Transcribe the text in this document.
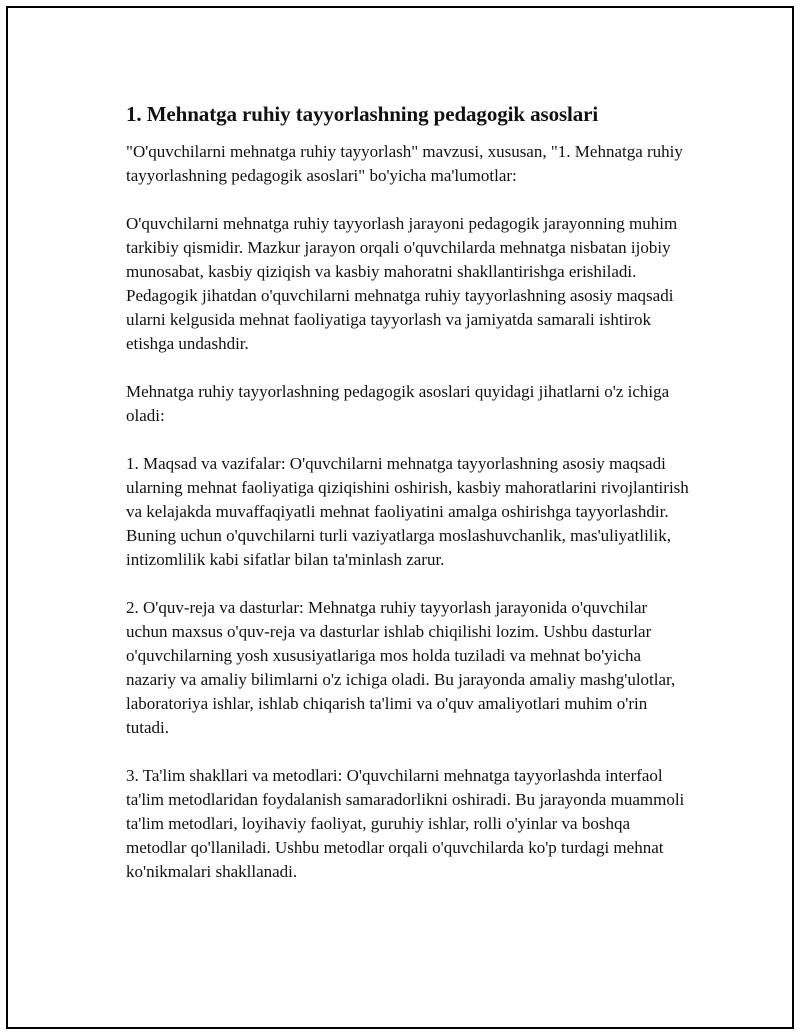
1. Mehnatga ruhiy tayyorlashning pedagogik asoslari

"O'quvchilarni mehnatga ruhiy tayyorlash" mavzusi, xususan, "1. Mehnatga ruhiy tayyorlashning pedagogik asoslari" bo'yicha ma'lumotlar:

O'quvchilarni mehnatga ruhiy tayyorlash jarayoni pedagogik jarayonning muhim tarkibiy qismidir. Mazkur jarayon orqali o'quvchilarda mehnatga nisbatan ijobiy munosabat, kasbiy qiziqish va kasbiy mahoratni shakllantirishga erishiladi. Pedagogik jihatdan o'quvchilarni mehnatga ruhiy tayyorlashning asosiy maqsadi ularni kelgusida mehnat faoliyatiga tayyorlash va jamiyatda samarali ishtirok etishga undashdir.

Mehnatga ruhiy tayyorlashning pedagogik asoslari quyidagi jihatlarni o'z ichiga oladi:

1. Maqsad va vazifalar: O'quvchilarni mehnatga tayyorlashning asosiy maqsadi ularning mehnat faoliyatiga qiziqishini oshirish, kasbiy mahoratlarini rivojlantirish va kelajakda muvaffaqiyatli mehnat faoliyatini amalga oshirishga tayyorlashdir. Buning uchun o'quvchilarni turli vaziyatlarga moslashuvchanlik, mas'uliyatlilik, intizomlilik kabi sifatlar bilan ta'minlash zarur.

2. O'quv-reja va dasturlar: Mehnatga ruhiy tayyorlash jarayonida o'quvchilar uchun maxsus o'quv-reja va dasturlar ishlab chiqilishi lozim. Ushbu dasturlar o'quvchilarning yosh xususiyatlariga mos holda tuziladi va mehnat bo'yicha nazariy va amaliy bilimlarni o'z ichiga oladi. Bu jarayonda amaliy mashg'ulotlar, laboratoriya ishlar, ishlab chiqarish ta'limi va o'quv amaliyotlari muhim o'rin tutadi.

3. Ta'lim shakllari va metodlari: O'quvchilarni mehnatga tayyorlashda interfaol ta'lim metodlaridan foydalanish samaradorlikni oshiradi. Bu jarayonda muammoli ta'lim metodlari, loyihaviy faoliyat, guruhiy ishlar, rolli o'yinlar va boshqa metodlar qo'llaniladi. Ushbu metodlar orqali o'quvchilarda ko'p turdagi mehnat ko'nikmalari shakllanadi.
